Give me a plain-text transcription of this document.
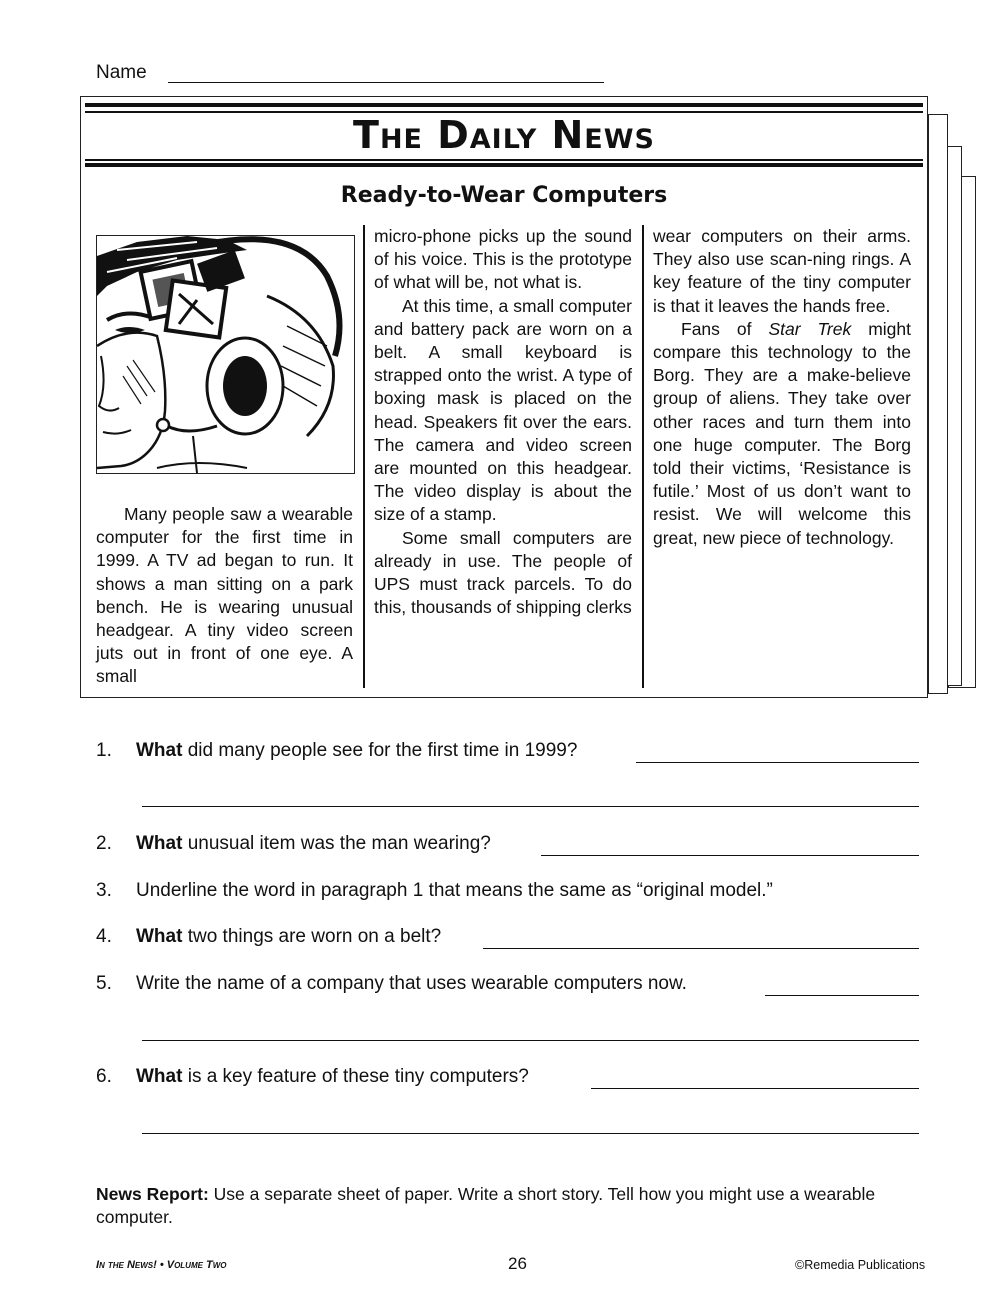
Name
The Daily News
Ready-to-Wear Computers

Many people saw a wearable computer for the first time in 1999. A TV ad began to run. It shows a man sitting on a park bench. He is wearing unusual headgear. A tiny video screen juts out in front of one eye. A small

micro-phone picks up the sound of his voice. This is the prototype of what will be, not what is.

At this time, a small computer and battery pack are worn on a belt. A small keyboard is strapped onto the wrist. A type of boxing mask is placed on the head. Speakers fit over the ears. The camera and video screen are mounted on this headgear. The video display is about the size of a stamp.

Some small computers are already in use. The people of UPS must track parcels. To do this, thousands of shipping clerks

wear computers on their arms. They also use scan-ning rings. A key feature of the tiny computer is that it leaves the hands free.

Fans of Star Trek might compare this technology to the Borg. They are a make-believe group of aliens. They take over other races and turn them into one huge computer. The Borg told their victims, ‘Resistance is futile.’ Most of us don’t want to resist. We will welcome this great, new piece of technology.

1. What did many people see for the first time in 1999?
2. What unusual item was the man wearing?
3. Underline the word in paragraph 1 that means the same as “original model.”
4. What two things are worn on a belt?
5. Write the name of a company that uses wearable computers now.
6. What is a key feature of these tiny computers?
News Report: Use a separate sheet of paper. Write a short story. Tell how you might use a wearable computer.
In the News! • Volume Two	26	©Remedia Publications
